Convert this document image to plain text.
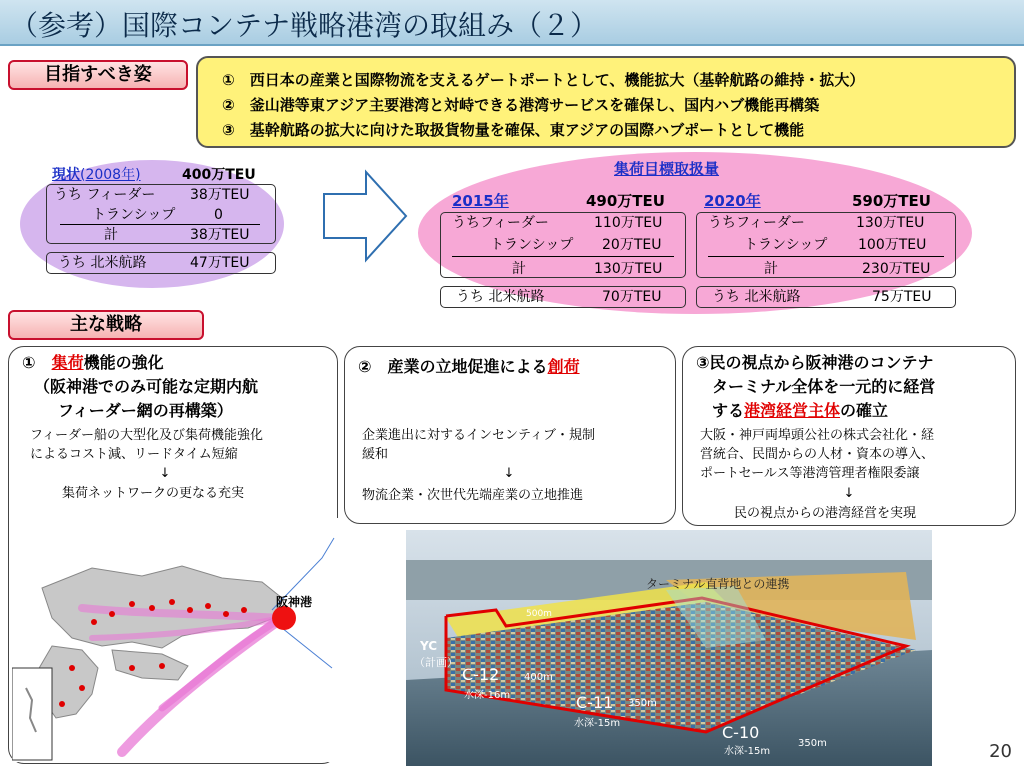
（参考）国際コンテナ戦略港湾の取組み（２）
目指すべき姿	①　西日本の産業と国際物流を支えるゲートポートとして、機能拡大（基幹航路の維持・拡大）
②　釜山港等東アジア主要港湾と対峙できる港湾サービスを確保し、国内ハブ機能再構築
③　基幹航路の拡大に向けた取扱貨物量を確保、東アジアの国際ハブポートとして機能
現状(2008年)	400万TEU
うち フィーダー 38万TEU
トランシップ	0
計	38万TEU
うち 北米航路	47万TEU
集荷目標取扱量
2015年	490万TEU
うちフィーダー	110万TEU
トランシップ 20万TEU
計	130万TEU
うち 北米航路	70万TEU
2020年	590万TEU
うちフィーダー	130万TEU
トランシップ 100万TEU
計	230万TEU
うち 北米航路	75万TEU
主な戦略
①　集荷機能の強化
（阪神港でのみ可能な定期内航
フィーダー網の再構築）
フィーダー船の大型化及び集荷機能強化
によるコスト減、リードタイム短縮
↓
集荷ネットワークの更なる充実
阪神港
②　産業の立地促進による創荷
企業進出に対するインセンティブ・規制
緩和
↓
物流企業・次世代先端産業の立地推進
③民の視点から阪神港のコンテナ
ターミナル全体を一元的に経営
する港湾経営主体の確立
大阪・神戸両埠頭公社の株式会社化・経
営統合、民間からの人材・資本の導入、
ポートセールス等港湾管理者権限委譲
↓
民の視点からの港湾経営を実現
ターミナル直背地との連携
500m
YC
（計画）
C-12 400m
水深-16m	C-11 350m
水深-15m	C-10
350m
水深-15m	20
